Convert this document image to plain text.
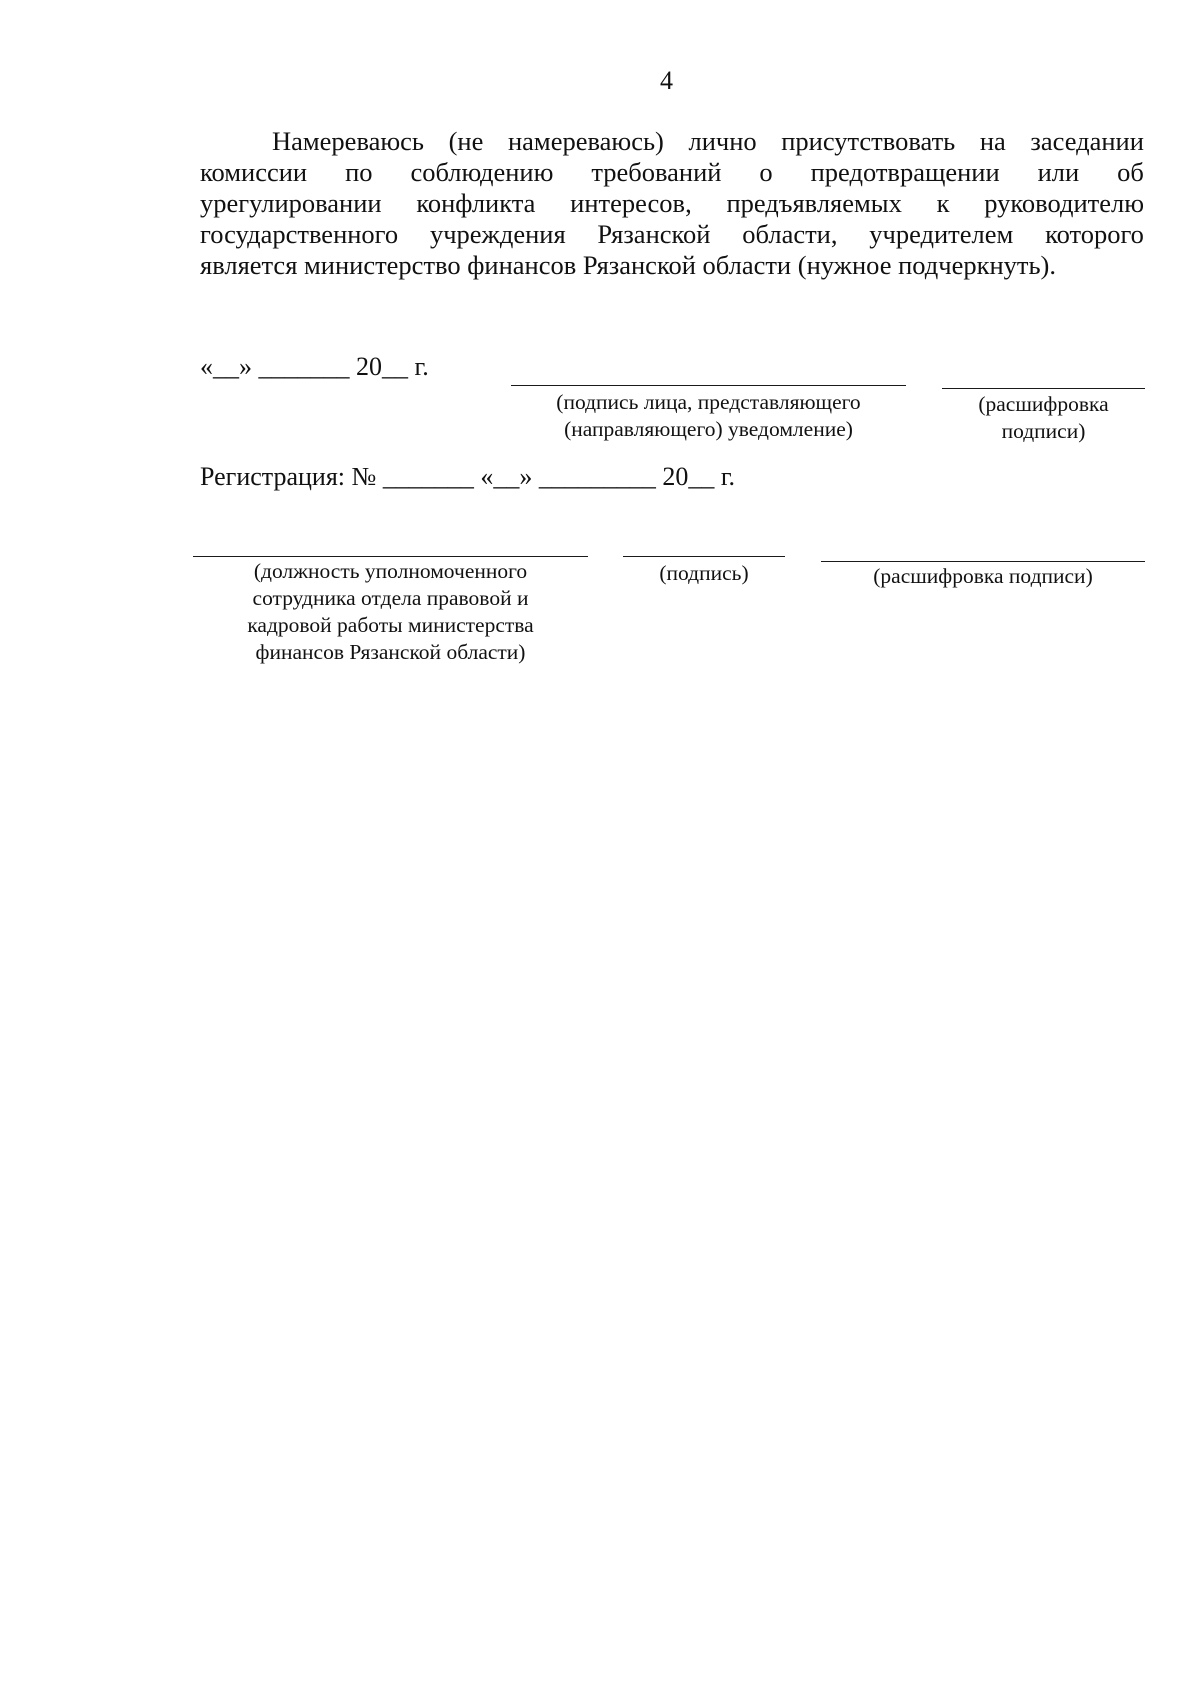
4
Намереваюсь (не намереваюсь) лично присутствовать на заседании
комиссии по соблюдению требований о предотвращении или об
урегулировании конфликта интересов, предъявляемых к руководителю
государственного учреждения Рязанской области, учредителем которого
является министерство финансов Рязанской области (нужное подчеркнуть).
«__» _______ 20__ г.
(подпись лица, представляющего
(направляющего) уведомление)
(расшифровка
подписи)
Регистрация: № _______ «__» _________ 20__ г.
(должность уполномоченного
сотрудника отдела правовой и
кадровой работы министерства
финансов Рязанской области)
(подпись)	(расшифровка подписи)
